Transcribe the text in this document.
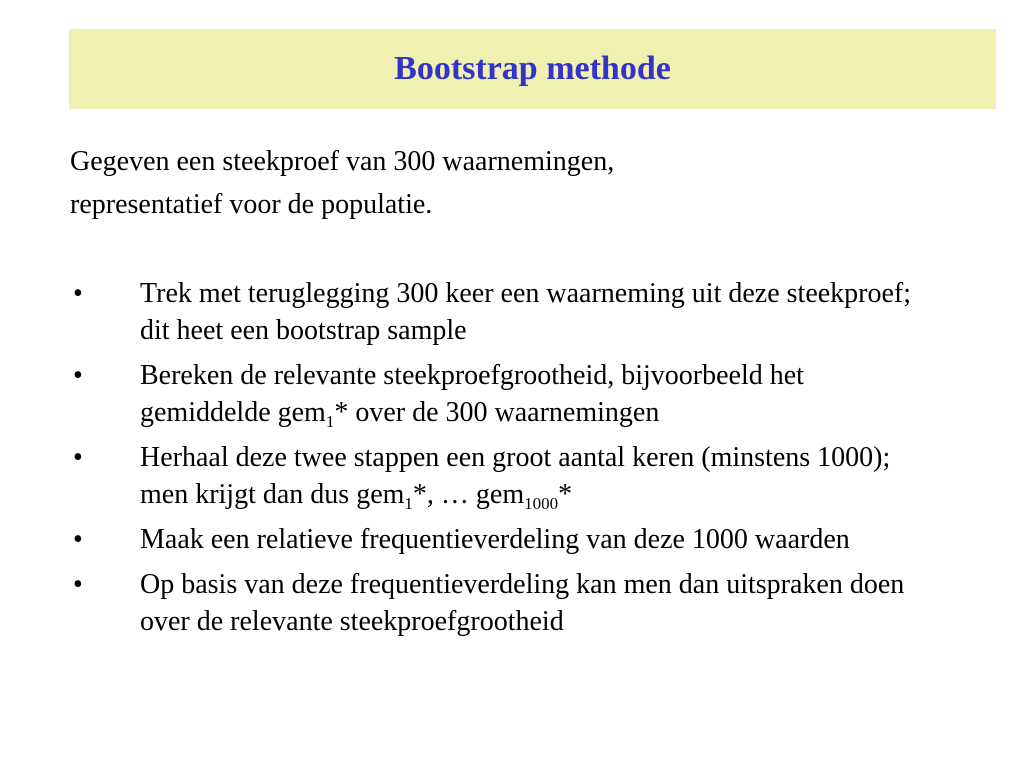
Bootstrap methode

Gegeven een steekproef van 300 waarnemingen,

representatief voor de populatie.

• Trek met teruglegging 300 keer een waarneming uit deze steekproef; dit heet een bootstrap sample
• Bereken de relevante steekproefgrootheid, bijvoorbeeld het gemiddelde gem$_1$* over de 300 waarnemingen
• Herhaal deze twee stappen een groot aantal keren (minstens 1000); men krijgt dan dus gem$_1$*, … gem$_{1000}$*
• Maak een relatieve frequentieverdeling van deze 1000 waarden
• Op basis van deze frequentieverdeling kan men dan uitspraken doen over de relevante steekproefgrootheid
